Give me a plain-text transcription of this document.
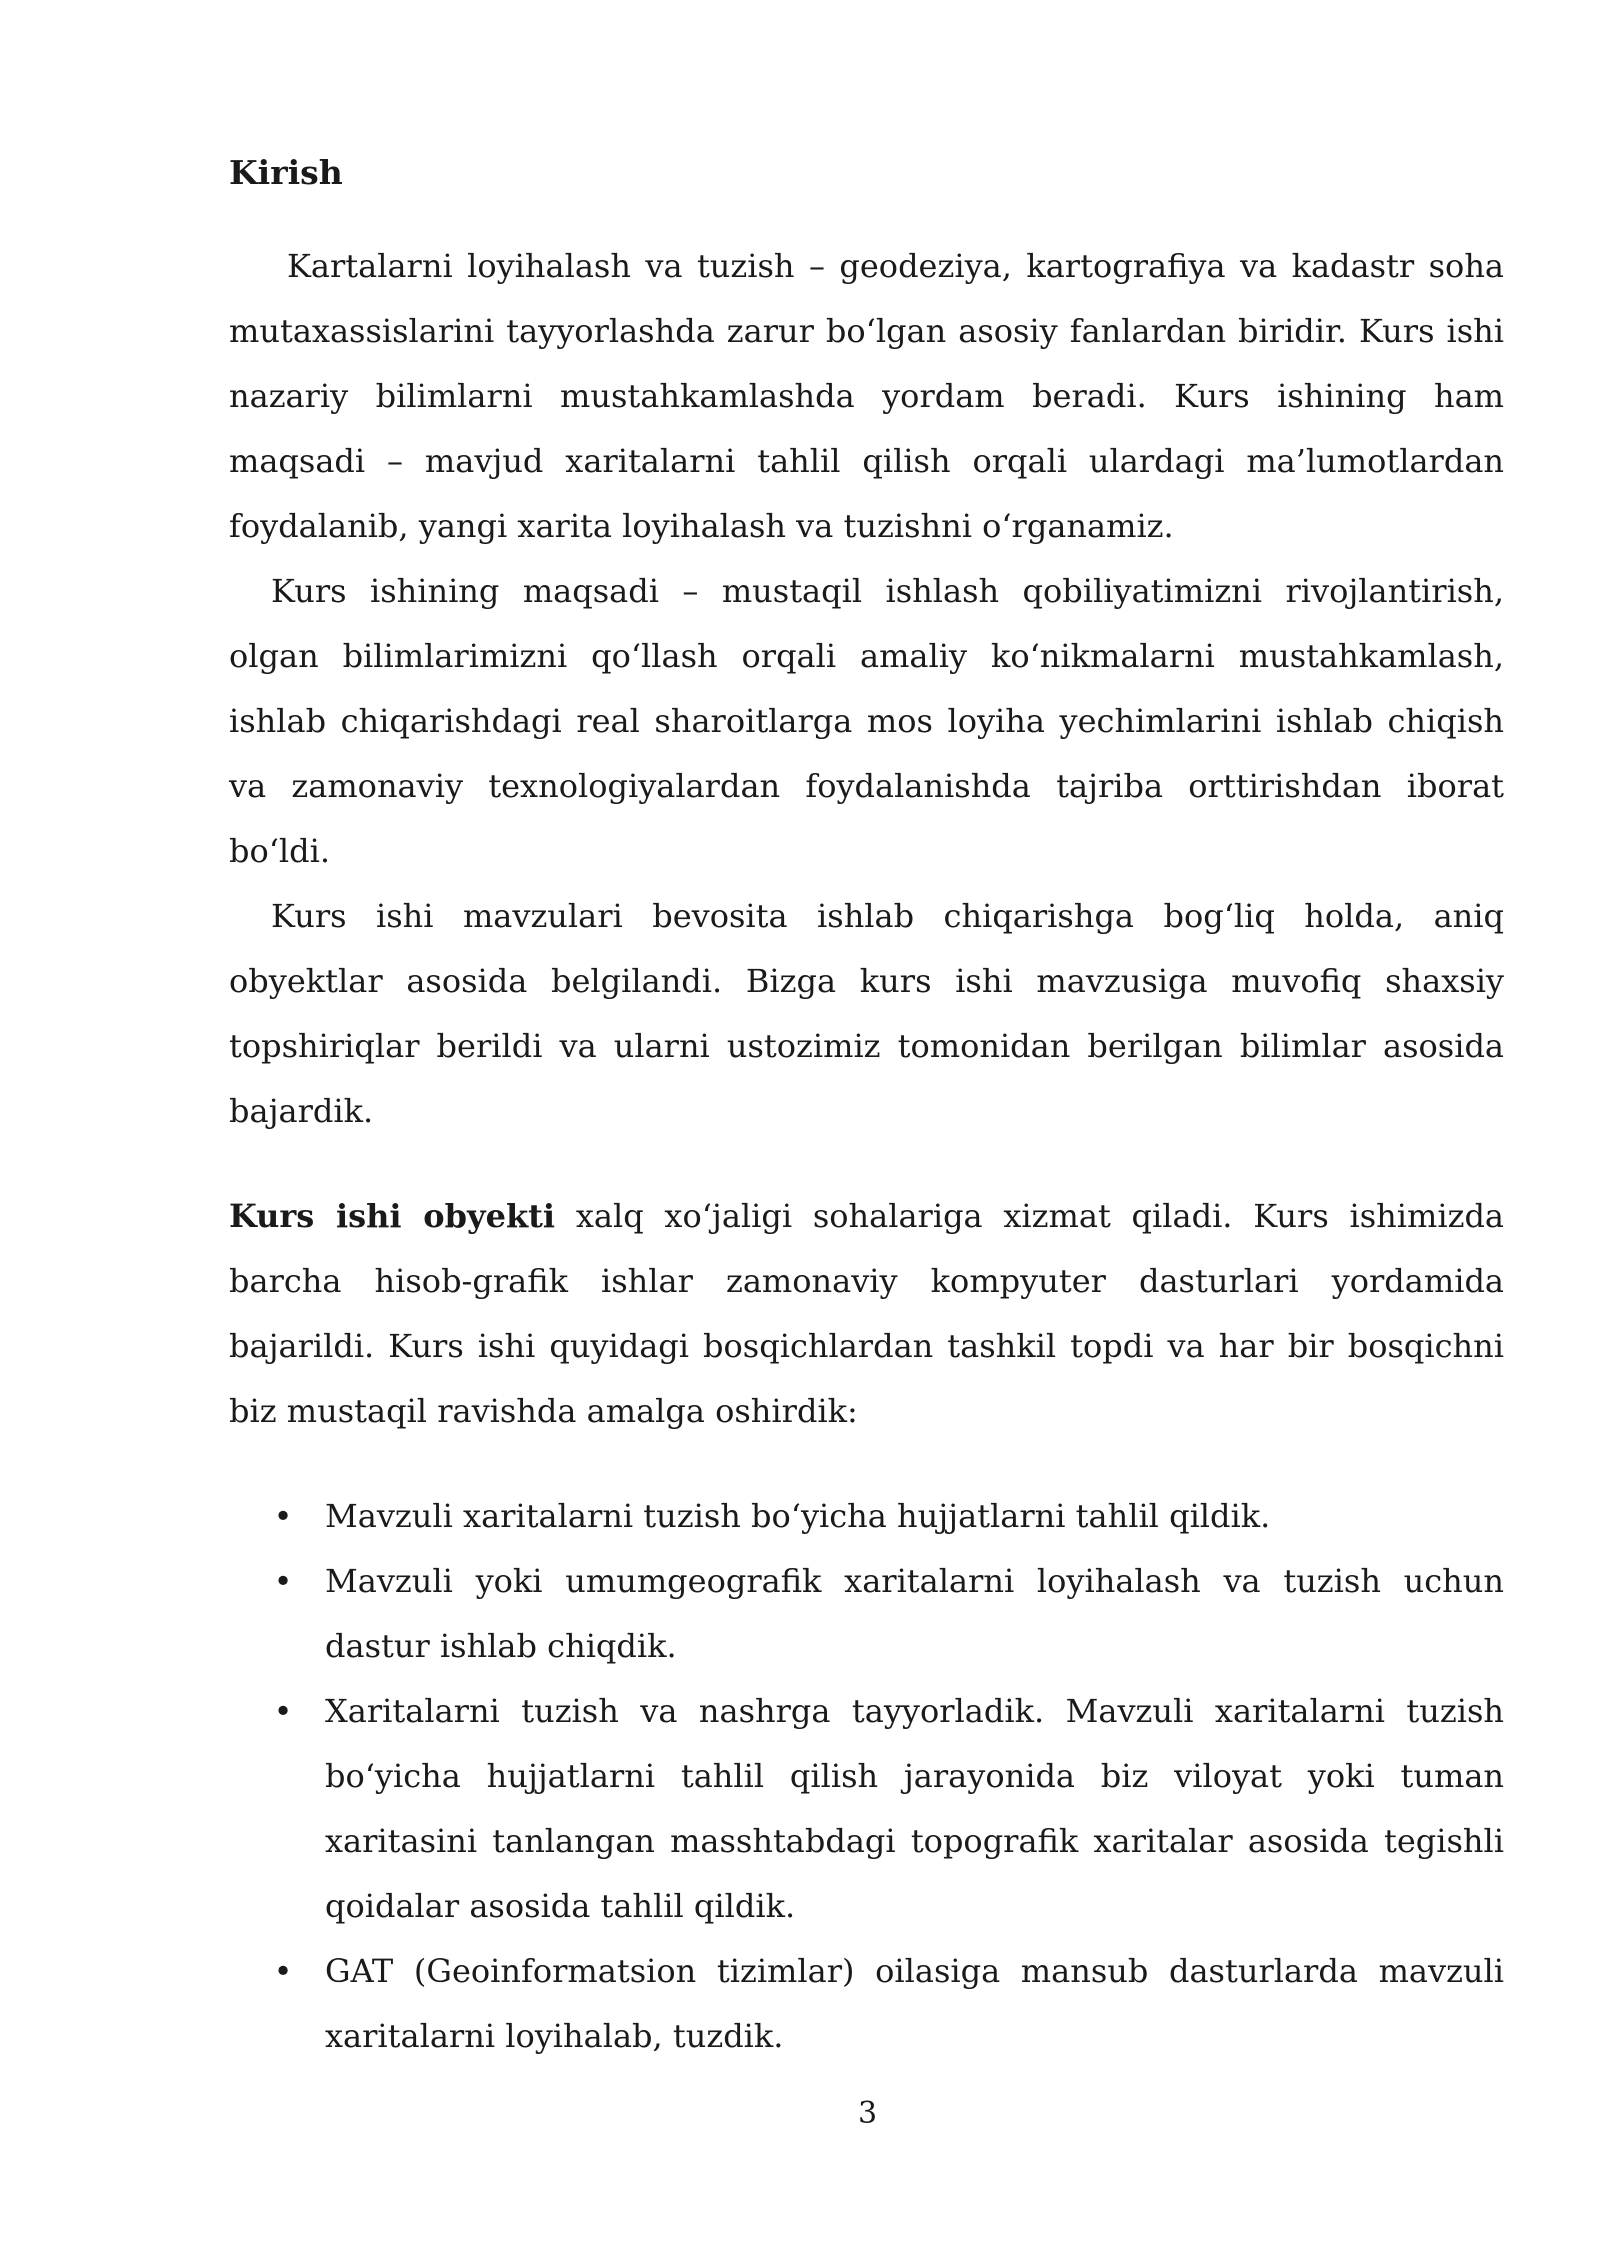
Kirish

Kartalarni loyihalash va tuzish – geodeziya, kartografiya va kadastr soha mutaxassislarini tayyorlashda zarur bo‘lgan asosiy fanlardan biridir. Kurs ishi nazariy bilimlarni mustahkamlashda yordam beradi. Kurs ishining ham maqsadi – mavjud xaritalarni tahlil qilish orqali ulardagi ma’lumotlardan foydalanib, yangi xarita loyihalash va tuzishni o‘rganamiz.

Kurs ishining maqsadi – mustaqil ishlash qobiliyatimizni rivojlantirish, olgan bilimlarimizni qo‘llash orqali amaliy ko‘nikmalarni mustahkamlash, ishlab chiqarishdagi real sharoitlarga mos loyiha yechimlarini ishlab chiqish va zamonaviy texnologiyalardan foydalanishda tajriba orttirishdan iborat bo‘ldi.

Kurs ishi mavzulari bevosita ishlab chiqarishga bog‘liq holda, aniq obyektlar asosida belgilandi. Bizga kurs ishi mavzusiga muvofiq shaxsiy topshiriqlar berildi va ularni ustozimiz tomonidan berilgan bilimlar asosida bajardik.

Kurs ishi obyekti xalq xo‘jaligi sohalariga xizmat qiladi. Kurs ishimizda barcha hisob-grafik ishlar zamonaviy kompyuter dasturlari yordamida bajarildi. Kurs ishi quyidagi bosqichlardan tashkil topdi va har bir bosqichni biz mustaqil ravishda amalga oshirdik:

• Mavzuli xaritalarni tuzish bo‘yicha hujjatlarni tahlil qildik.
• Mavzuli yoki umumgeografik xaritalarni loyihalash va tuzish uchun dastur ishlab chiqdik.
• Xaritalarni tuzish va nashrga tayyorladik. Mavzuli xaritalarni tuzish bo‘yicha hujjatlarni tahlil qilish jarayonida biz viloyat yoki tuman xaritasini tanlangan masshtabdagi topografik xaritalar asosida tegishli qoidalar asosida tahlil qildik.
• GAT (Geoinformatsion tizimlar) oilasiga mansub dasturlarda mavzuli xaritalarni loyihalab, tuzdik.
3
